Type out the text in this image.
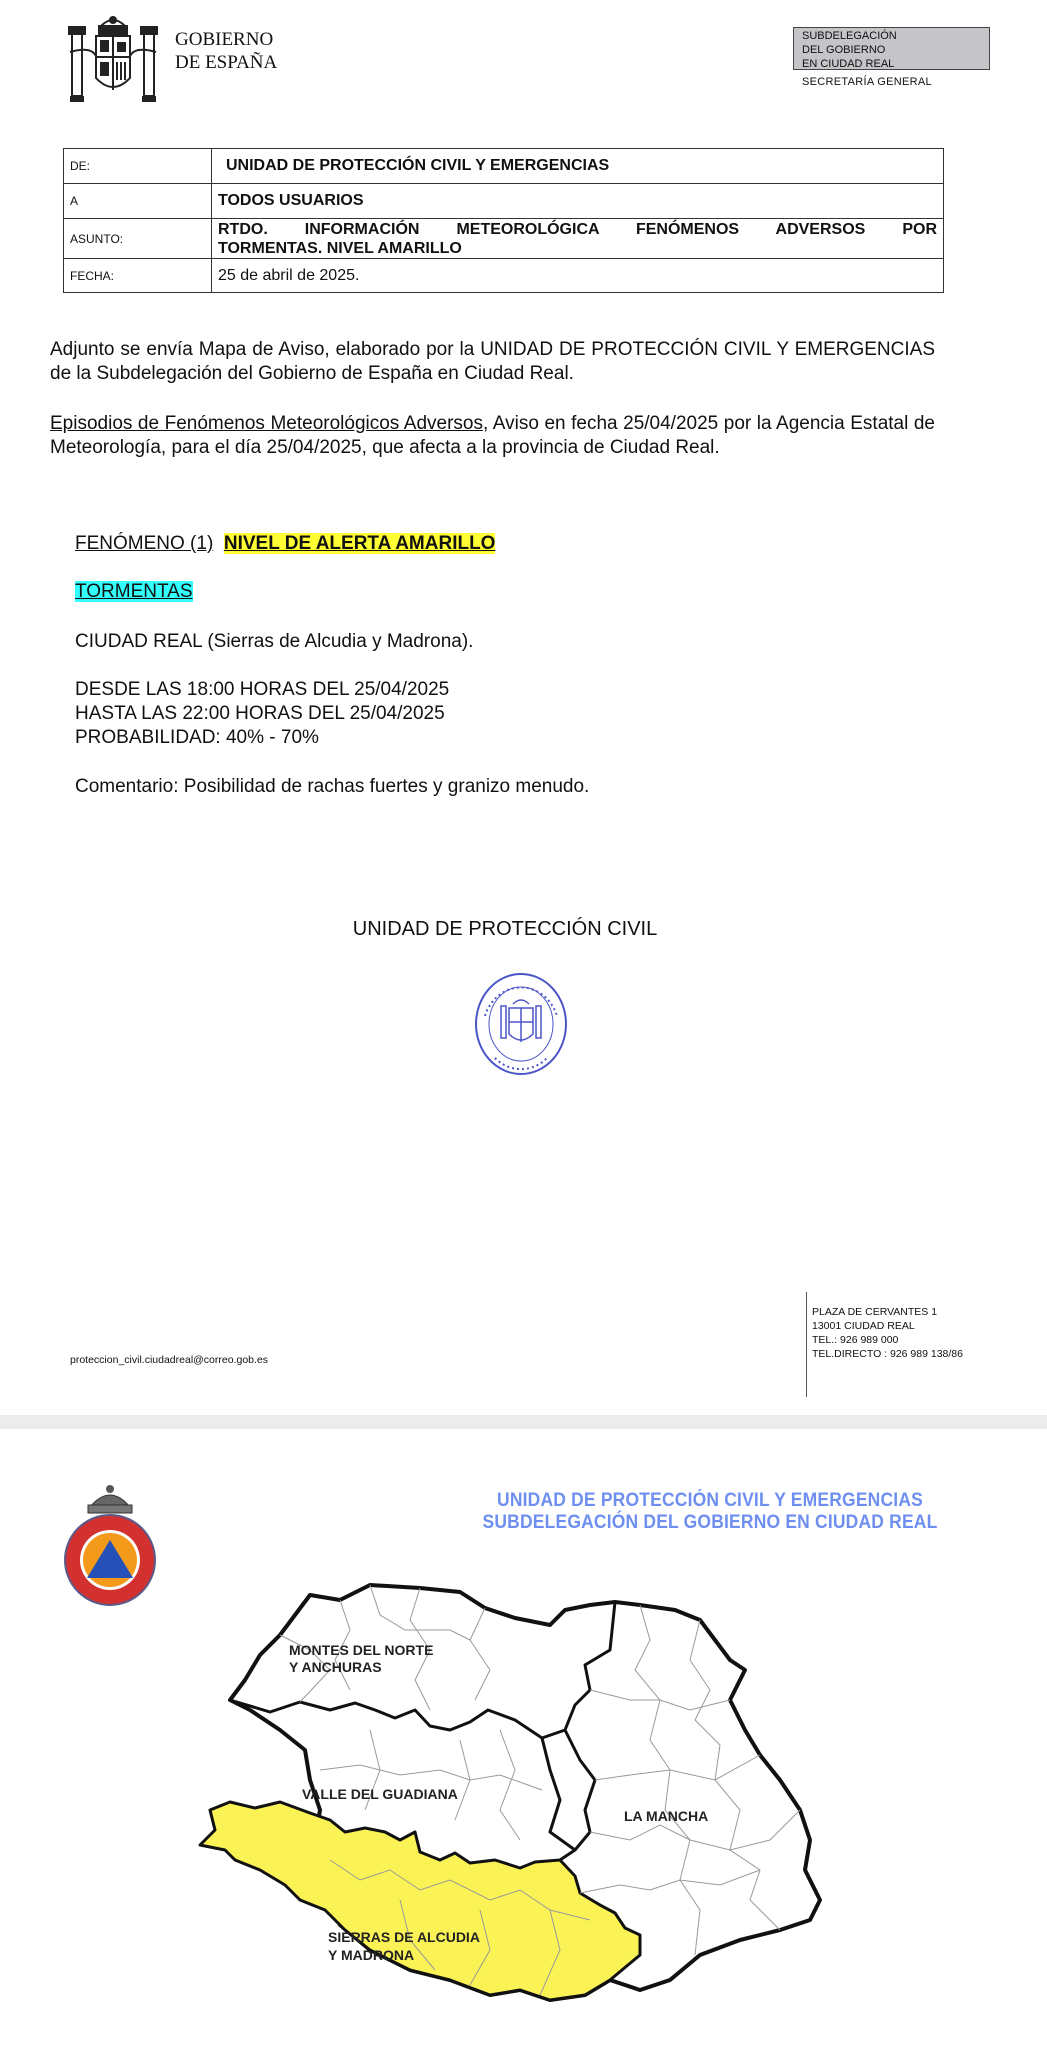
GOBIERNO
DE ESPAÑA
SUBDELEGACIÓN
DEL GOBIERNO
EN CIUDAD REAL
SECRETARÍA GENERAL
DE:	UNIDAD DE PROTECCIÓN CIVIL Y EMERGENCIAS
A	TODOS USUARIOS
ASUNTO:	RTDO. INFORMACIÓN METEOROLÓGICA FENÓMENOS ADVERSOS POR
TORMENTAS. NIVEL AMARILLO

FECHA:	25 de abril de 2025.
Adjunto se envía Mapa de Aviso, elaborado por la UNIDAD DE PROTECCIÓN CIVIL Y EMERGENCIAS de la Subdelegación del Gobierno de España en Ciudad Real.
Episodios de Fenómenos Meteorológicos Adversos, Aviso en fecha 25/04/2025 por la Agencia Estatal de Meteorología, para el día 25/04/2025, que afecta a la provincia de Ciudad Real.
FENÓMENO (1) NIVEL DE ALERTA AMARILLO
TORMENTAS
CIUDAD REAL (Sierras de Alcudia y Madrona).
DESDE LAS 18:00 HORAS DEL 25/04/2025
HASTA LAS 22:00 HORAS DEL 25/04/2025
PROBABILIDAD: 40% - 70%
Comentario: Posibilidad de rachas fuertes y granizo menudo.
UNIDAD DE PROTECCIÓN CIVIL
proteccion_civil.ciudadreal@correo.gob.es
PLAZA DE CERVANTES 1
13001 CIUDAD REAL
TEL.: 926 989 000
TEL.DIRECTO : 926 989 138/86
UNIDAD DE PROTECCIÓN CIVIL Y EMERGENCIAS
SUBDELEGACIÓN DEL GOBIERNO EN CIUDAD REAL
MONTES DEL NORTE
Y ANCHURAS
VALLE DEL GUADIANA
LA MANCHA
SIERRAS DE ALCUDIA
Y MADRONA
